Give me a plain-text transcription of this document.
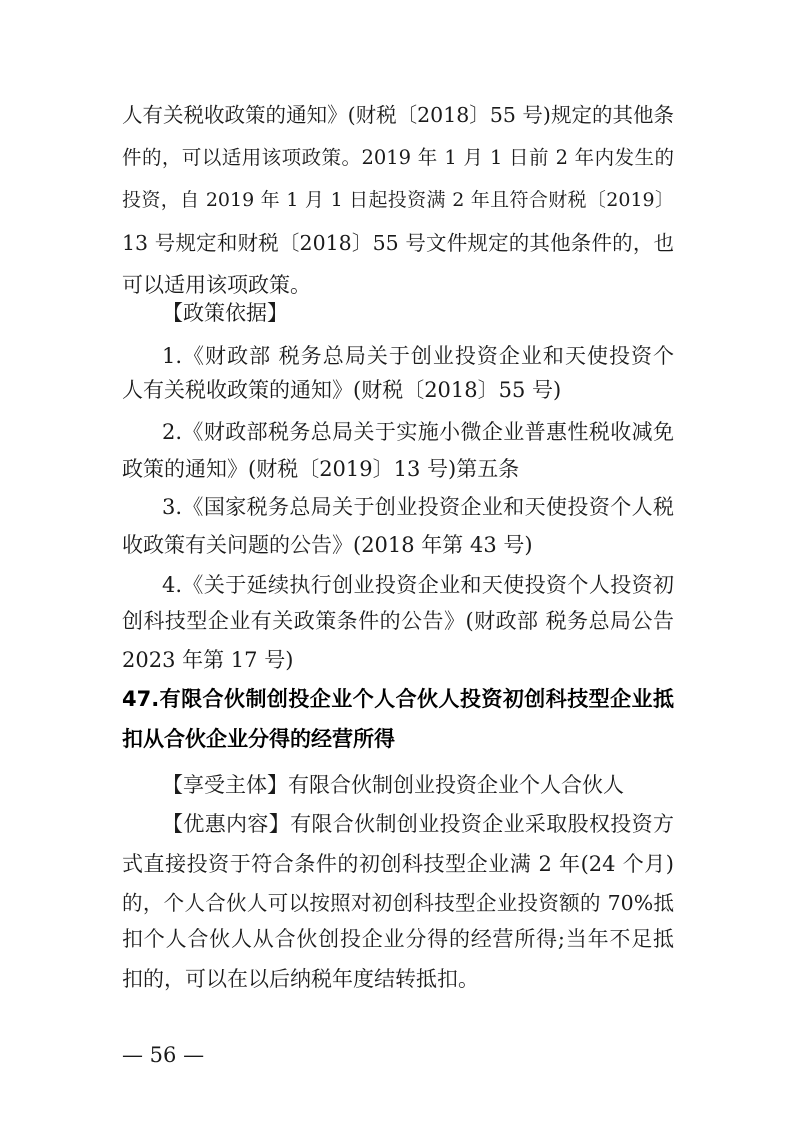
人有关税收政策的通知》(财税〔2018〕55 号)规定的其他条
件的，可以适用该项政策。2019 年 1 月 1 日前 2 年内发生的
投资，自 2019 年 1 月 1 日起投资满 2 年且符合财税〔2019〕
13 号规定和财税〔2018〕55 号文件规定的其他条件的，也
可以适用该项政策。
【政策依据】
1.《财政部 税务总局关于创业投资企业和天使投资个
人有关税收政策的通知》(财税〔2018〕55 号)
2.《财政部税务总局关于实施小微企业普惠性税收减免
政策的通知》(财税〔2019〕13 号)第五条
3.《国家税务总局关于创业投资企业和天使投资个人税
收政策有关问题的公告》(2018 年第 43 号)
4.《关于延续执行创业投资企业和天使投资个人投资初
创科技型企业有关政策条件的公告》(财政部 税务总局公告
2023 年第 17 号)
47.有限合伙制创投企业个人合伙人投资初创科技型企业抵
扣从合伙企业分得的经营所得
【享受主体】有限合伙制创业投资企业个人合伙人
【优惠内容】有限合伙制创业投资企业采取股权投资方
式直接投资于符合条件的初创科技型企业满 2 年(24 个月)
的，个人合伙人可以按照对初创科技型企业投资额的 70%抵
扣个人合伙人从合伙创投企业分得的经营所得;当年不足抵
扣的，可以在以后纳税年度结转抵扣。
— 56 —
